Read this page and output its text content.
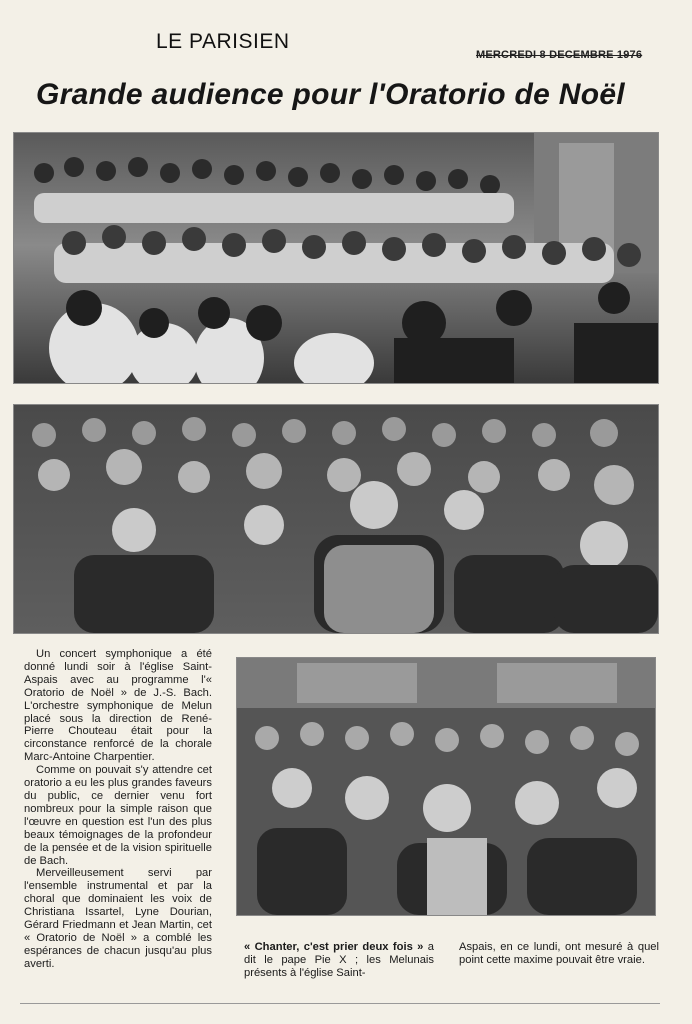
LE PARISIEN
MERCREDI 8 DECEMBRE 1976
Grande audience pour l'Oratorio de Noël

Un concert symphonique a été donné lundi soir à l'église Saint-Aspais avec au programme l'« Oratorio de Noël » de J.-S. Bach. L'orchestre symphonique de Melun placé sous la direction de René-Pierre Chouteau était pour la circonstance renforcé de la chorale Marc-Antoine Charpentier.

Comme on pouvait s'y attendre cet oratorio a eu les plus grandes faveurs du public, ce dernier venu fort nombreux pour la simple raison que l'œuvre en question est l'un des plus beaux témoignages de la profondeur de la pensée et de la vision spirituelle de Bach.

Merveilleusement servi par l'ensemble instrumental et par la choral que dominaient les voix de Christiana Issartel, Lyne Dourian, Gérard Friedmann et Jean Martin, cet « Oratorio de Noël » a comblé les espérances de chacun jusqu'au plus averti.

« Chanter, c'est prier deux fois » a dit le pape Pie X ; les Melunais présents à l'église Saint-
Aspais, en ce lundi, ont mesuré à quel point cette maxime pouvait être vraie.
